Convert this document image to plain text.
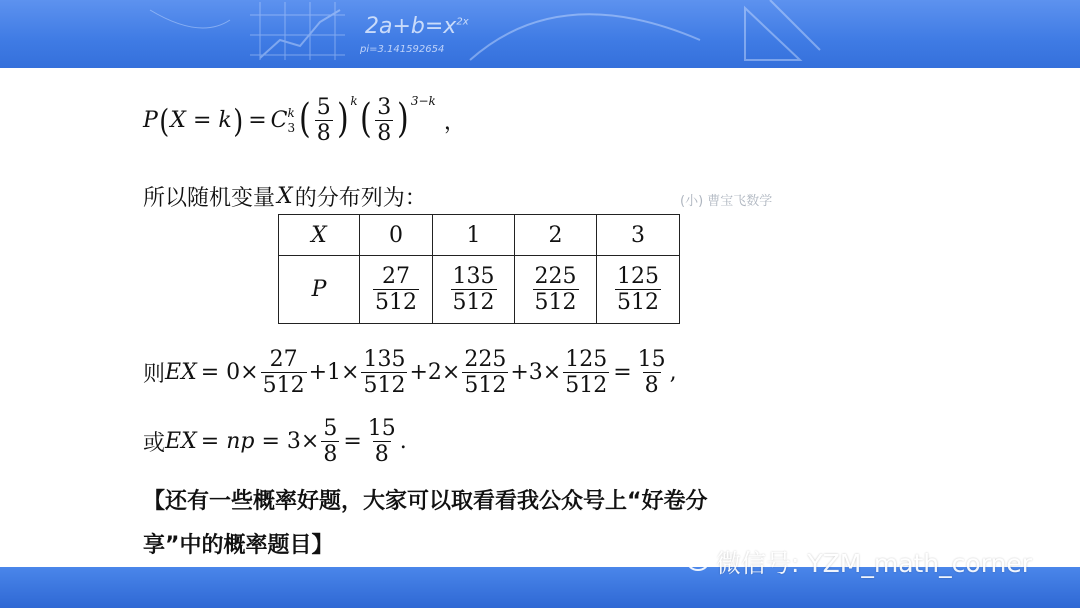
$2a+b=x^{2x}$
pi=3.141592654
P ( X = k ) = C k
3 ( $\frac{5}{8}$ ) k ( $\frac{3}{8}$ ) 3−k
，
所以随机变量 X 的分布列为：	(小) 曹宝飞数学
X	0	1	2	3
P	$\frac{27}{512}$	$\frac{135}{512}$	$\frac{225}{512}$	$\frac{125}{512}$
则 EX = $0\times \frac{27}{512} +1\times \frac{135}{512} +2\times \frac{225}{512} +3\times \frac{125}{512} = \frac{15}{8}$ ,
或 EX = np = $3\times \frac{5}{8} = \frac{15}{8}$ .
【还有一些概率好题，大家可以取看看我公众号上“好卷分
享”中的概率题目】
微信号: YZM_math_corner
